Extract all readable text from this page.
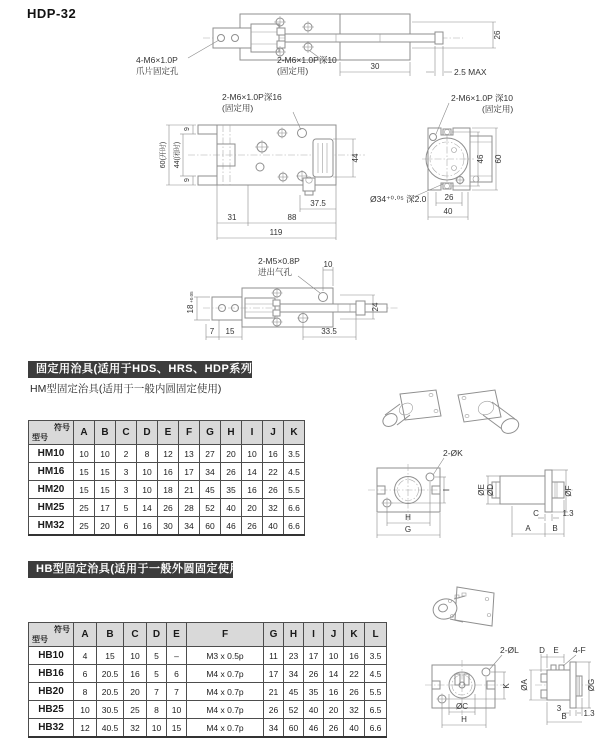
HDP-32
26
30
2.5 MAX
4-M6×1.0P
爪片固定孔
2-M6×1.0P深10
(固定用)
2-M6×1.0P深16
(固定用)
60(开时) 44(闭时)
9
9
44
37.5
31	88
119
2-M6×1.0P 深10
(固定用)
46 60
26
40
Ø34⁺⁰·⁰⁵ 深2.0
2-M5×0.8P
进出气孔
10
18
+0.05
24
7 15	33.5
固定用治具(适用于HDS、HRS、HDP系列)
HM型固定治具(适用于一般内圆固定使用)
符号
型号	A	B	C	D	E	F	G	H	I	J	K
HM10	10	10	2	8	12	13	27	20	10	16	3.5
HM16	15	15	3	10	16	17	34	26	14	22	4.5
HM20	15	15	3	10	18	21	45	35	16	26	5.5
HM25	25	17	5	14	26	28	52	40	20	32	6.6
HM32	25	20	6	16	30	34	60	46	26	40	6.6
2-ØK
H
G
I	ØE ØD	ØF
C	1.3
A	B
HB型固定治具(适用于一般外圆固定使用)
符号
型号	A	B	C	D	E	F	G	H	I	J	K	L
HB10	4	15	10	5	–	M3 x 0.5p	11	23	17	10	16	3.5
HB16	6	20.5	16	5	6	M4 x 0.7p	17	34	26	14	22	4.5
HB20	8	20.5	20	7	7	M4 x 0.7p	21	45	35	16	26	5.5
HB25	10	30.5	25	8	10	M4 x 0.7p	26	52	40	20	32	6.5
HB32	12	40.5	32	10	15	M4 x 0.7p	34	60	46	26	40	6.6
2-ØL
ØC
H
K
D E 4-F
ØA	ØG
3
1.3
B
